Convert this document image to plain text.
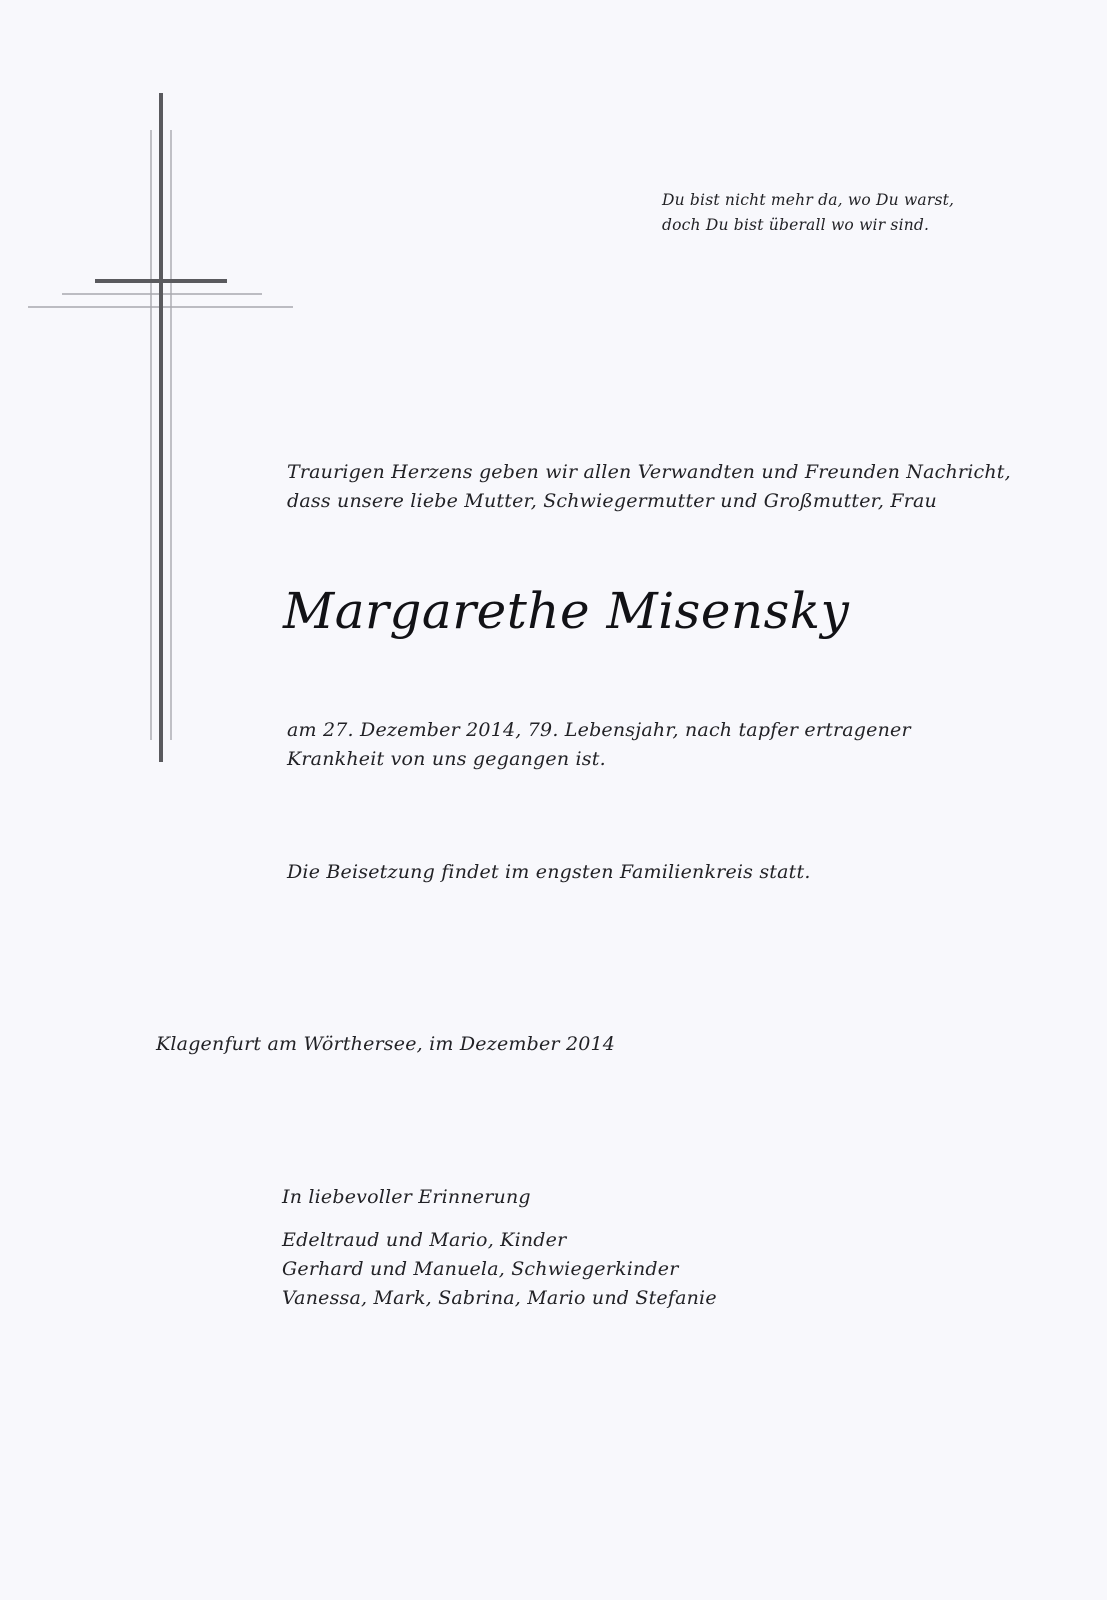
Du bist nicht mehr da, wo Du warst,
doch Du bist überall wo wir sind.
Traurigen Herzens geben wir allen Verwandten und Freunden Nachricht,
dass unsere liebe Mutter, Schwiegermutter und Großmutter, Frau
Margarethe Misensky
am 27. Dezember 2014, 79. Lebensjahr, nach tapfer ertragener
Krankheit von uns gegangen ist.
Die Beisetzung findet im engsten Familienkreis statt.
Klagenfurt am Wörthersee, im Dezember 2014
In liebevoller Erinnerung
Edeltraud und Mario, Kinder
Gerhard und Manuela, Schwiegerkinder
Vanessa, Mark, Sabrina, Mario und Stefanie
